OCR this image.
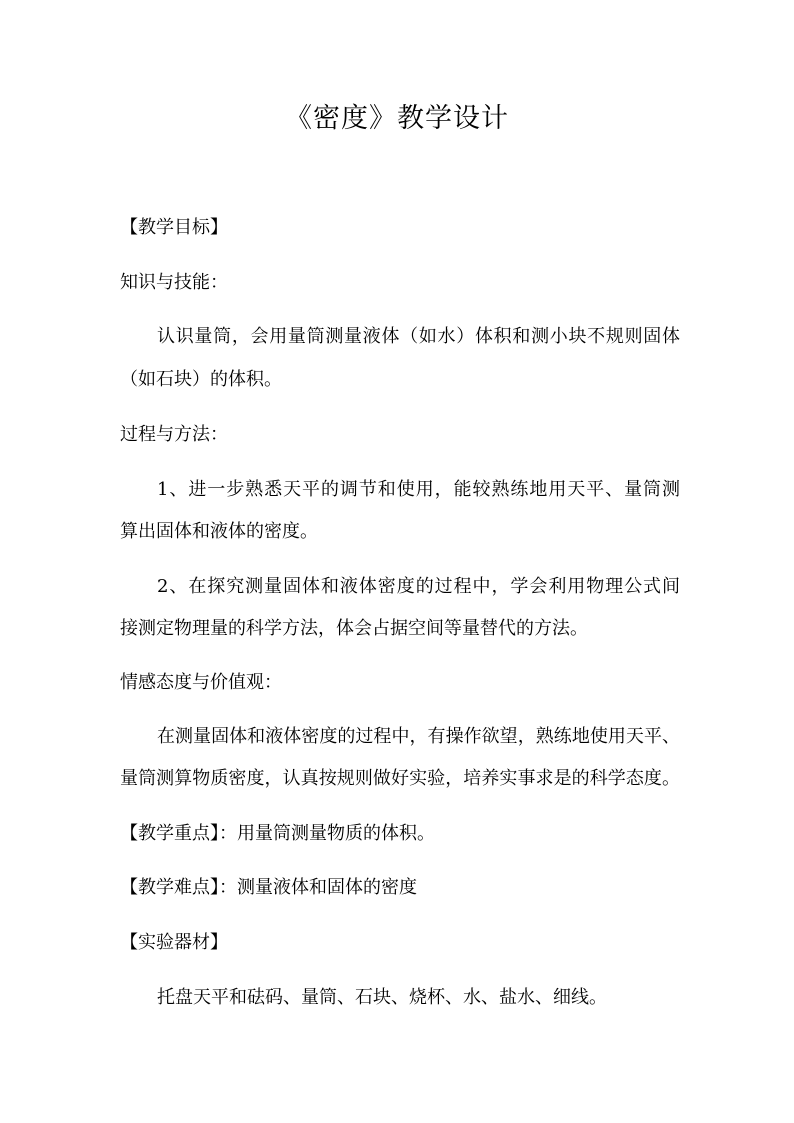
《密度》教学设计
【教学目标】
知识与技能：
认识量筒，会用量筒测量液体（如水）体积和测小块不规则固体
（如石块）的体积。
过程与方法：
1、进一步熟悉天平的调节和使用，能较熟练地用天平、量筒测
算出固体和液体的密度。
2、在探究测量固体和液体密度的过程中，学会利用物理公式间
接测定物理量的科学方法，体会占据空间等量替代的方法。
情感态度与价值观：
在测量固体和液体密度的过程中，有操作欲望，熟练地使用天平、
量筒测算物质密度，认真按规则做好实验，培养实事求是的科学态度。
【教学重点】：用量筒测量物质的体积。
【教学难点】：测量液体和固体的密度
【实验器材】
托盘天平和砝码、量筒、石块、烧杯、水、盐水、细线。
